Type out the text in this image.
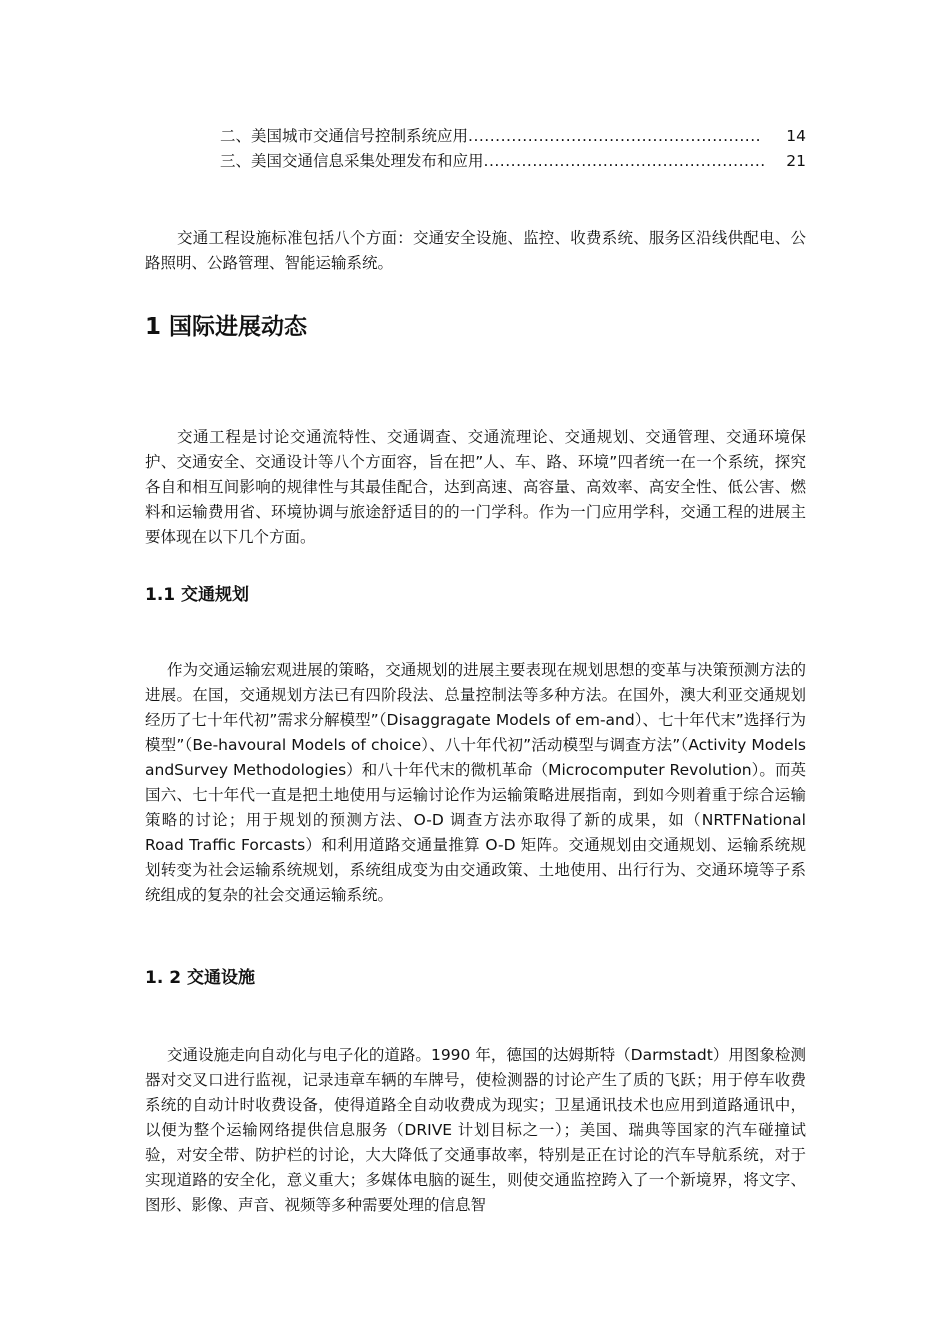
二、美国城市交通信号控制系统应用 ......................................................	14
三、美国交通信息采集处理发布和应用 ....................................................	21

交通工程设施标准包括八个方面：交通安全设施、监控、收费系统、服务区沿线供配电、公路照明、公路管理、智能运输系统。

1 国际进展动态

交通工程是讨论交通流特性、交通调查、交通流理论、交通规划、交通管理、交通环境保护、交通安全、交通设计等八个方面容，旨在把”人、车、路、环境”四者统一在一个系统，探究各自和相互间影响的规律性与其最佳配合，达到高速、高容量、高效率、高安全性、低公害、燃料和运输费用省、环境协调与旅途舒适目的的一门学科。作为一门应用学科，交通工程的进展主要体现在以下几个方面。

1.1 交通规划

作为交通运输宏观进展的策略，交通规划的进展主要表现在规划思想的变革与决策预测方法的进展。在国，交通规划方法已有四阶段法、总量控制法等多种方法。在国外，澳大利亚交通规划经历了七十年代初”需求分解模型”（Disaggragate Models of em-and）、七十年代末”选择行为模型”（Be-havoural Models of choice）、八十年代初”活动模型与调查方法”（Activity Models andSurvey Methodologies）和八十年代末的微机革命（Microcomputer Revolution）。而英国六、七十年代一直是把土地使用与运输讨论作为运输策略进展指南，到如今则着重于综合运输策略的讨论；用于规划的预测方法、O-D 调查方法亦取得了新的成果，如（NRTFNational Road Traffic Forcasts）和利用道路交通量推算 O-D 矩阵。交通规划由交通规划、运输系统规划转变为社会运输系统规划，系统组成变为由交通政策、土地使用、出行行为、交通环境等子系统组成的复杂的社会交通运输系统。

1. 2 交通设施

交通设施走向自动化与电子化的道路。1990 年，德国的达姆斯特（Darmstadt）用图象检测器对交叉口进行监视，记录违章车辆的车牌号，使检测器的讨论产生了质的飞跃；用于停车收费系统的自动计时收费设备，使得道路全自动收费成为现实；卫星通讯技术也应用到道路通讯中，以便为整个运输网络提供信息服务（DRIVE 计划目标之一）；美国、瑞典等国家的汽车碰撞试验，对安全带、防护栏的讨论，大大降低了交通事故率，特别是正在讨论的汽车导航系统，对于实现道路的安全化，意义重大；多媒体电脑的诞生，则使交通监控跨入了一个新境界，将文字、图形、影像、声音、视频等多种需要处理的信息智
